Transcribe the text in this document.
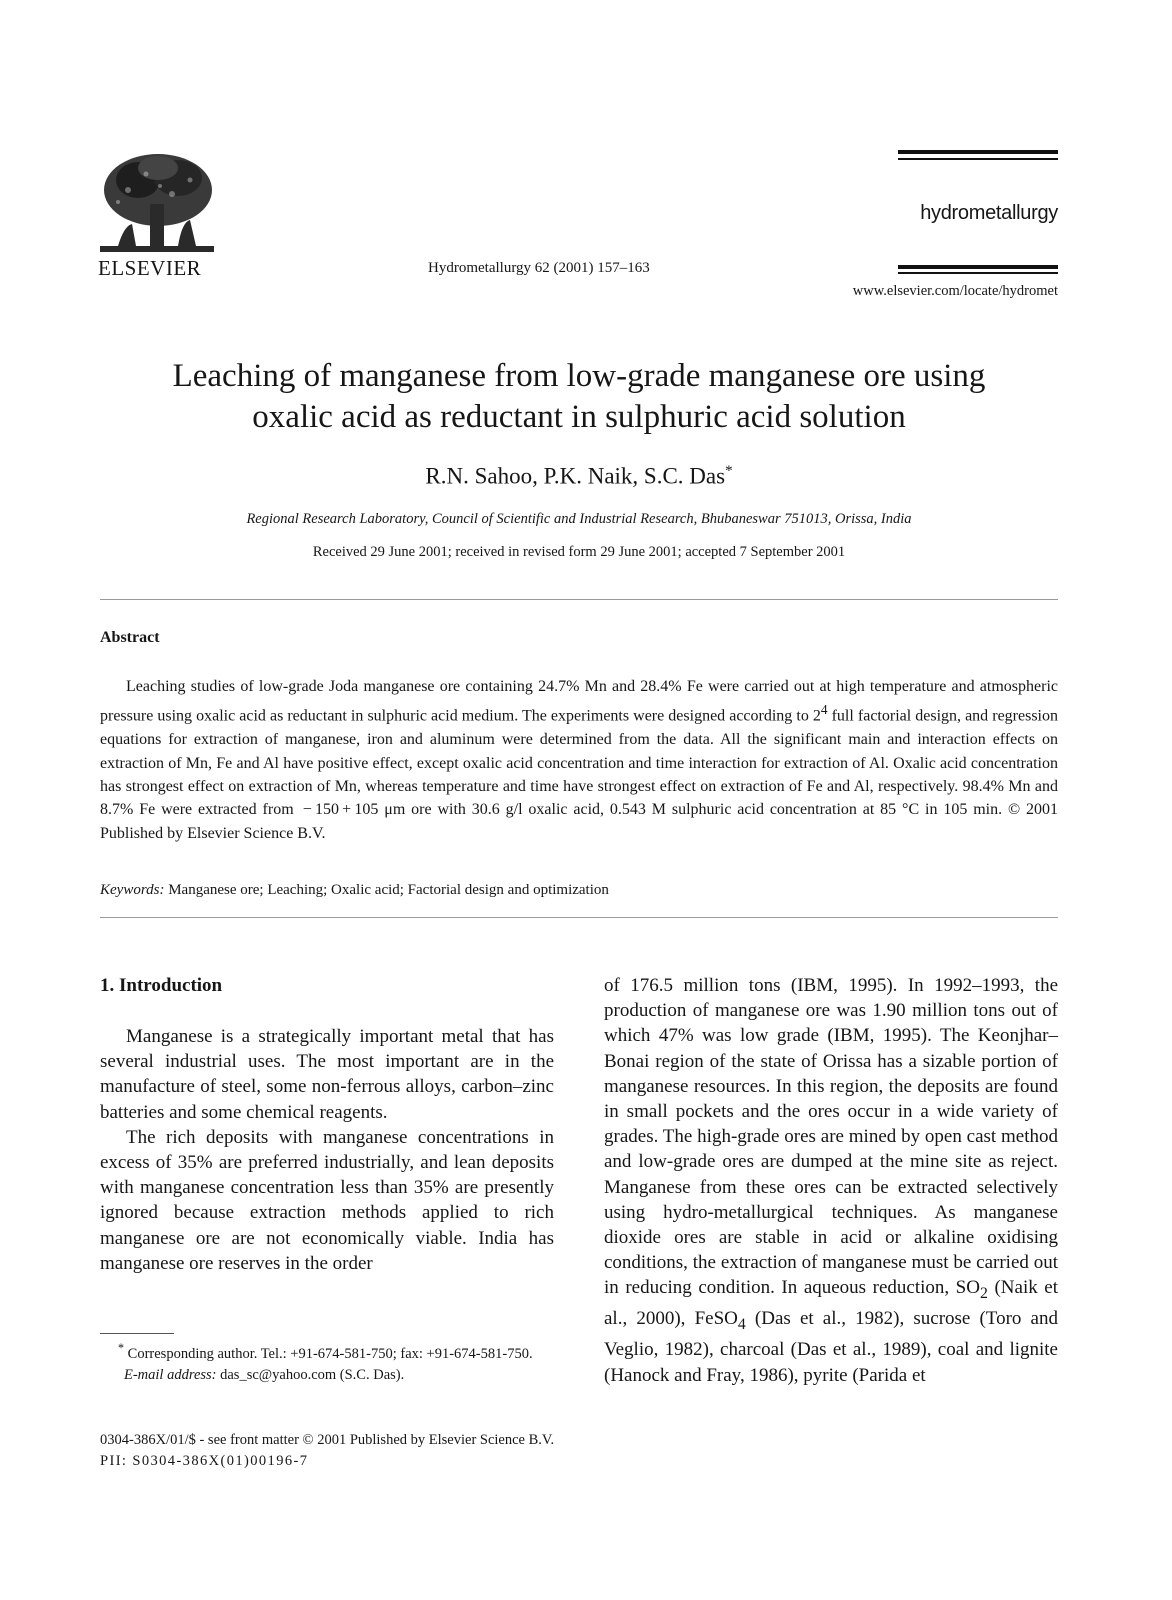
ELSEVIER	Hydrometallurgy 62 (2001) 157–163
hydrometallurgy
www.elsevier.com/locate/hydromet
Leaching of manganese from low-grade manganese ore using
oxalic acid as reductant in sulphuric acid solution
R.N. Sahoo, P.K. Naik, S.C. Das*
Regional Research Laboratory, Council of Scientific and Industrial Research, Bhubaneswar 751013, Orissa, India
Received 29 June 2001; received in revised form 29 June 2001; accepted 7 September 2001
Abstract

Leaching studies of low-grade Joda manganese ore containing 24.7% Mn and 28.4% Fe were carried out at high temperature and atmospheric pressure using oxalic acid as reductant in sulphuric acid medium. The experiments were designed according to $2^4$ full factorial design, and regression equations for extraction of manganese, iron and aluminum were determined from the data. All the significant main and interaction effects on extraction of Mn, Fe and Al have positive effect, except oxalic acid concentration and time interaction for extraction of Al. Oxalic acid concentration has strongest effect on extraction of Mn, whereas temperature and time have strongest effect on extraction of Fe and Al, respectively. 98.4% Mn and 8.7% Fe were extracted from  − 150 + 105 μm ore with 30.6 g/l oxalic acid, 0.543 M sulphuric acid concentration at 85 °C in 105 min. © 2001 Published by Elsevier Science B.V.

Keywords: Manganese ore; Leaching; Oxalic acid; Factorial design and optimization
1. Introduction

Manganese is a strategically important metal that has several industrial uses. The most important are in the manufacture of steel, some non-ferrous alloys, carbon–zinc batteries and some chemical reagents.

The rich deposits with manganese concentrations in excess of 35% are preferred industrially, and lean deposits with manganese concentration less than 35% are presently ignored because extraction methods applied to rich manganese ore are not economically viable. India has manganese ore reserves in the order

of 176.5 million tons (IBM, 1995). In 1992–1993, the production of manganese ore was 1.90 million tons out of which 47% was low grade (IBM, 1995). The Keonjhar–Bonai region of the state of Orissa has a sizable portion of manganese resources. In this region, the deposits are found in small pockets and the ores occur in a wide variety of grades. The high-grade ores are mined by open cast method and low-grade ores are dumped at the mine site as reject. Manganese from these ores can be extracted selectively using hydro-metallurgical techniques. As manganese dioxide ores are stable in acid or alkaline oxidising conditions, the extraction of manganese must be carried out in reducing condition. In aqueous reduction, $SO_2$ (Naik et al., 2000), FeSO$_4$ (Das et al., 1982), sucrose (Toro and Veglio, 1982), charcoal (Das et al., 1989), coal and lignite (Hanock and Fray, 1986), pyrite (Parida et

* Corresponding author. Tel.: +91-674-581-750; fax: +91-674-581-750.

E-mail address: das_sc@yahoo.com (S.C. Das).

0304-386X/01/$ - see front matter © 2001 Published by Elsevier Science B.V.

PII: S0304-386X(01)00196-7
